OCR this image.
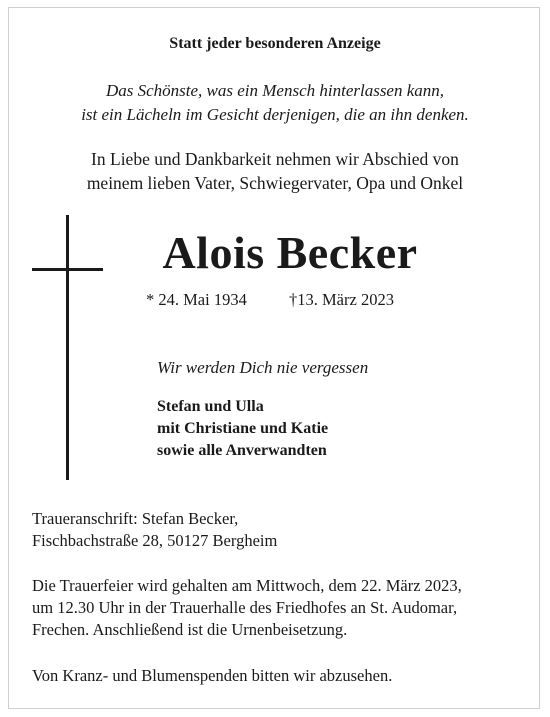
Statt jeder besonderen Anzeige
Das Schönste, was ein Mensch hinterlassen kann,
ist ein Lächeln im Gesicht derjenigen, die an ihn denken.
In Liebe und Dankbarkeit nehmen wir Abschied von
meinem lieben Vater, Schwiegervater, Opa und Onkel
Alois Becker
* 24. Mai 1934	†13. März 2023
Wir werden Dich nie vergessen
Stefan und Ulla
mit Christiane und Katie
sowie alle Anverwandten
Traueranschrift: Stefan Becker,
Fischbachstraße 28, 50127 Bergheim
Die Trauerfeier wird gehalten am Mittwoch, dem 22. März 2023,
um 12.30 Uhr in der Trauerhalle des Friedhofes an St. Audomar,
Frechen. Anschließend ist die Urnenbeisetzung.
Von Kranz- und Blumenspenden bitten wir abzusehen.
